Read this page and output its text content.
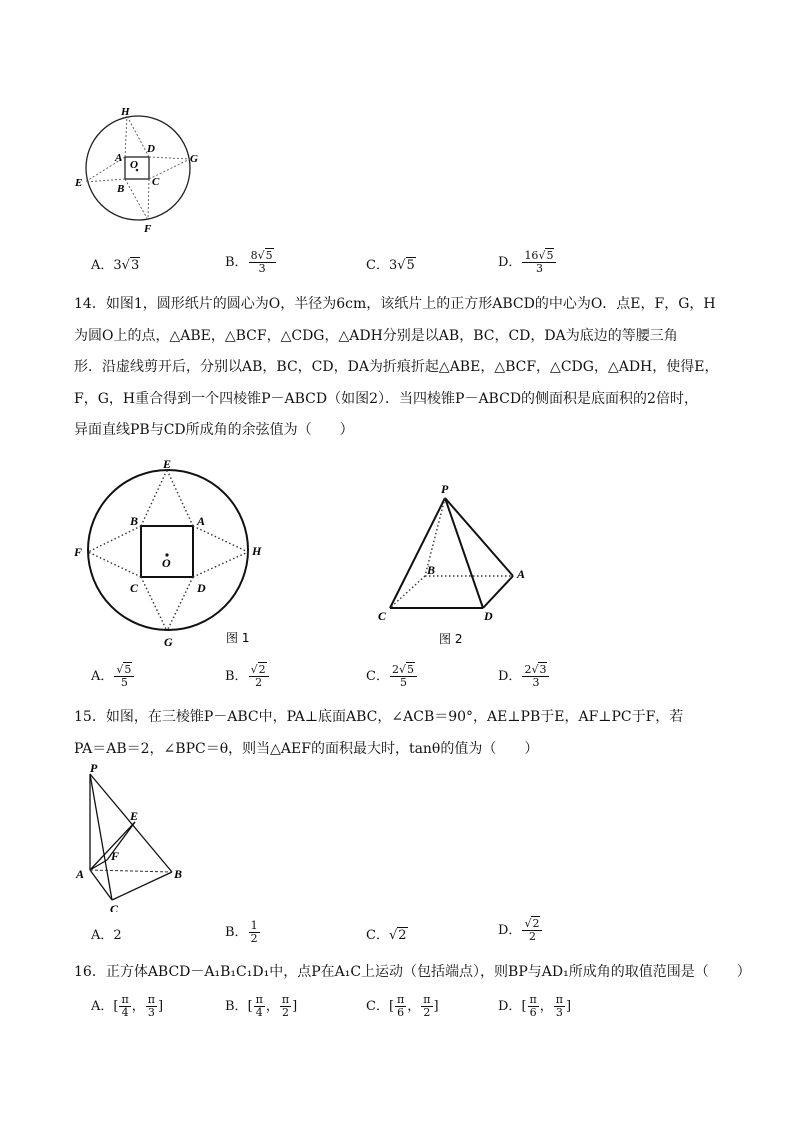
H
D
G
A
O
E	C
B
F
A．3√3	B． $\frac{8√5}{3}$	C．3√5	D． $\frac{16√5}{3}$
14．如图1，圆形纸片的圆心为O，半径为6cm，该纸片上的正方形ABCD的中心为O．点E，F，G，H
为圆O上的点，△ABE，△BCF，△CDG，△ADH分别是以AB，BC，CD，DA为底边的等腰三角
形．沿虚线剪开后，分别以AB，BC，CD，DA为折痕折起△ABE，△BCF，△CDG，△ADH，使得E，
F，G，H重合得到一个四棱锥P－ABCD（如图2）．当四棱锥P－ABCD的侧面积是底面积的2倍时，
异面直线PB与CD所成角的余弦值为（　　）
E
B	A
F
O
H
C	D
G	图 1
P
B	A
C	D
图 2
A． $\frac{√5}{5}$	B． $\frac{√2}{2}$	C． $\frac{2√5}{5}$	D． $\frac{2√3}{3}$
15．如图，在三棱锥P－ABC中，PA⊥底面ABC，∠ACB＝90°，AE⊥PB于E，AF⊥PC于F，若
PA＝AB＝2，∠BPC＝θ，则当△AEF的面积最大时，tanθ的值为（　　）
P
E
F
A	B
C
A．2	B． $\frac{1}{2}$	C．√2	D． $\frac{√2}{2}$
16．正方体ABCD－A₁B₁C₁D₁中，点P在A₁C上运动（包括端点），则BP与AD₁所成角的取值范围是（　　）
A．[ $\frac{\pi}{4}$ ， $\frac{\pi}{3}$ ]	B．[ $\frac{\pi}{4}$ ， $\frac{\pi}{2}$ ]	C．[ $\frac{\pi}{6}$ ， $\frac{\pi}{2}$ ]	D．[ $\frac{\pi}{6}$ ， $\frac{\pi}{3}$ ]
